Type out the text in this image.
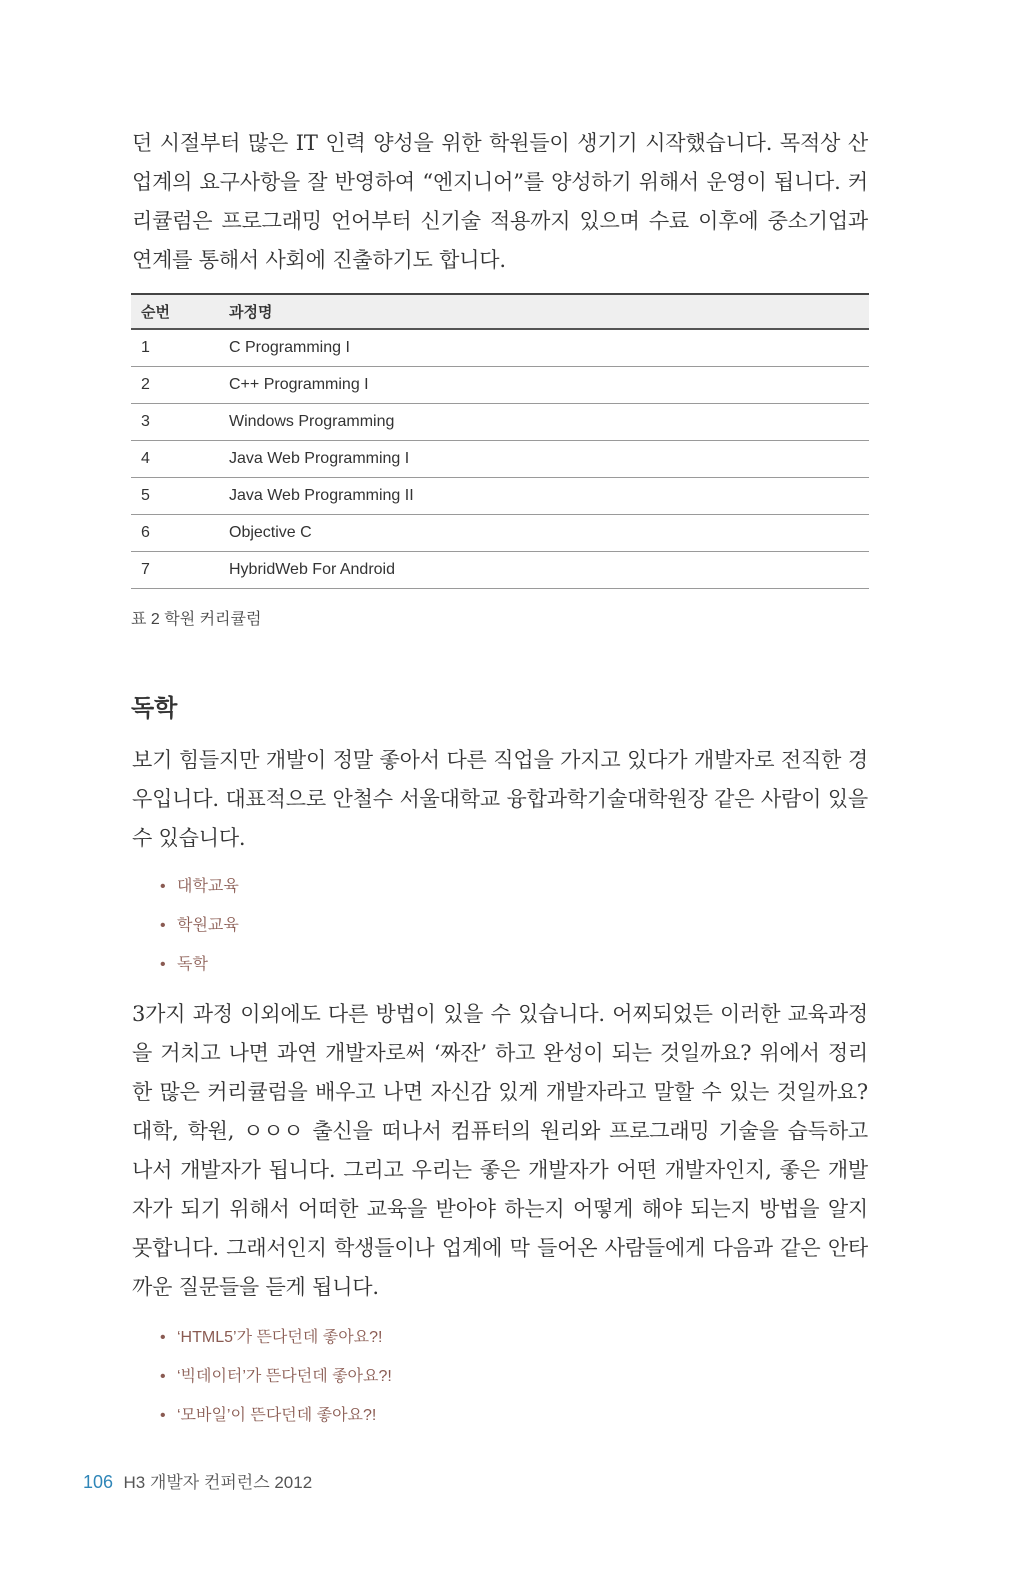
던 시절부터 많은 IT 인력 양성을 위한 학원들이 생기기 시작했습니다. 목적상 산업계의 요구사항을 잘 반영하여 “엔지니어”를 양성하기 위해서 운영이 됩니다. 커리큘럼은 프로그래밍 언어부터 신기술 적용까지 있으며 수료 이후에 중소기업과 연계를 통해서 사회에 진출하기도 합니다.

순번	과정명
1	C Programming I
2	C++ Programming I
3	Windows Programming
4	Java Web Programming I
5	Java Web Programming II
6	Objective C
7	HybridWeb For Android
표 2 학원 커리큘럼
독학

보기 힘들지만 개발이 정말 좋아서 다른 직업을 가지고 있다가 개발자로 전직한 경우입니다. 대표적으로 안철수 서울대학교 융합과학기술대학원장 같은 사람이 있을 수 있습니다.

• 대학교육
• 학원교육
• 독학

3가지 과정 이외에도 다른 방법이 있을 수 있습니다. 어찌되었든 이러한 교육과정을 거치고 나면 과연 개발자로써 ‘짜잔’ 하고 완성이 되는 것일까요? 위에서 정리한 많은 커리큘럼을 배우고 나면 자신감 있게 개발자라고 말할 수 있는 것일까요? 대학, 학원, ㅇㅇㅇ 출신을 떠나서 컴퓨터의 원리와 프로그래밍 기술을 습득하고 나서 개발자가 됩니다. 그리고 우리는 좋은 개발자가 어떤 개발자인지, 좋은 개발자가 되기 위해서 어떠한 교육을 받아야 하는지 어떻게 해야 되는지 방법을 알지 못합니다. 그래서인지 학생들이나 업계에 막 들어온 사람들에게 다음과 같은 안타까운 질문들을 듣게 됩니다.

• ‘HTML5’가 뜬다던데 좋아요?!
• ‘빅데이터’가 뜬다던데 좋아요?!
• ‘모바일’이 뜬다던데 좋아요?!
106 H3 개발자 컨퍼런스 2012
